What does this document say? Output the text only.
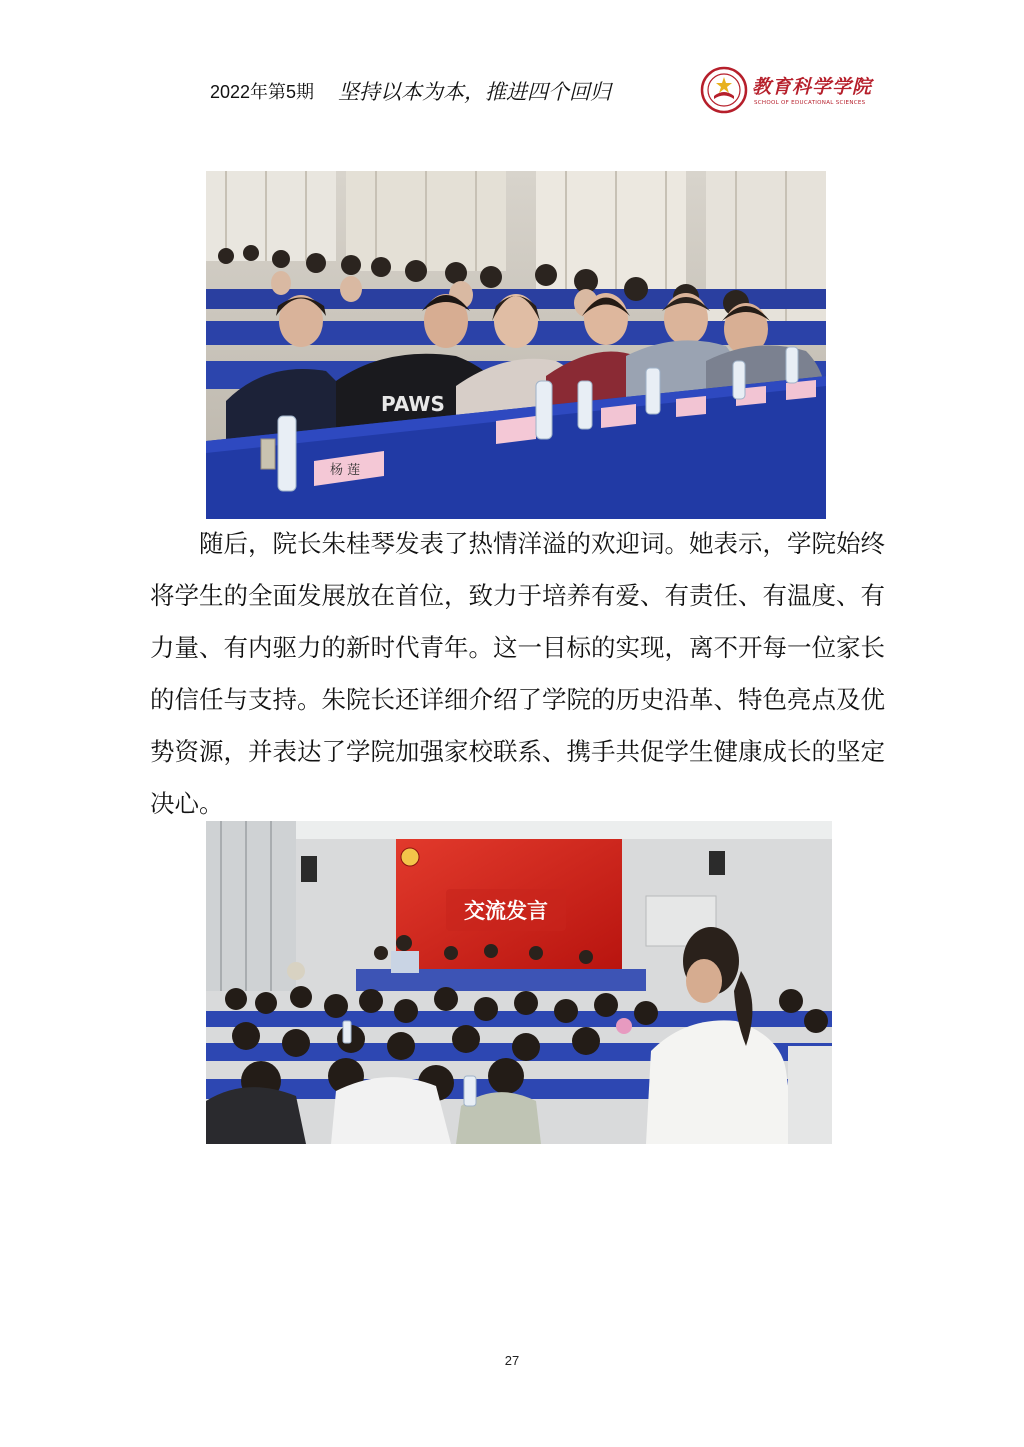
2022年第5期 坚持以本为本，推进四个回归	教育科学学院
SCHOOL OF EDUCATIONAL SCIENCES
PAWS
杨 莲

随后，院长朱桂琴发表了热情洋溢的欢迎词。她表示，学院始终将学生的全面发展放在首位，致力于培养有爱、有责任、有温度、有力量、有内驱力的新时代青年。这一目标的实现，离不开每一位家长的信任与支持。朱院长还详细介绍了学院的历史沿革、特色亮点及优势资源，并表达了学院加强家校联系、携手共促学生健康成长的坚定决心。

交流发言
27
